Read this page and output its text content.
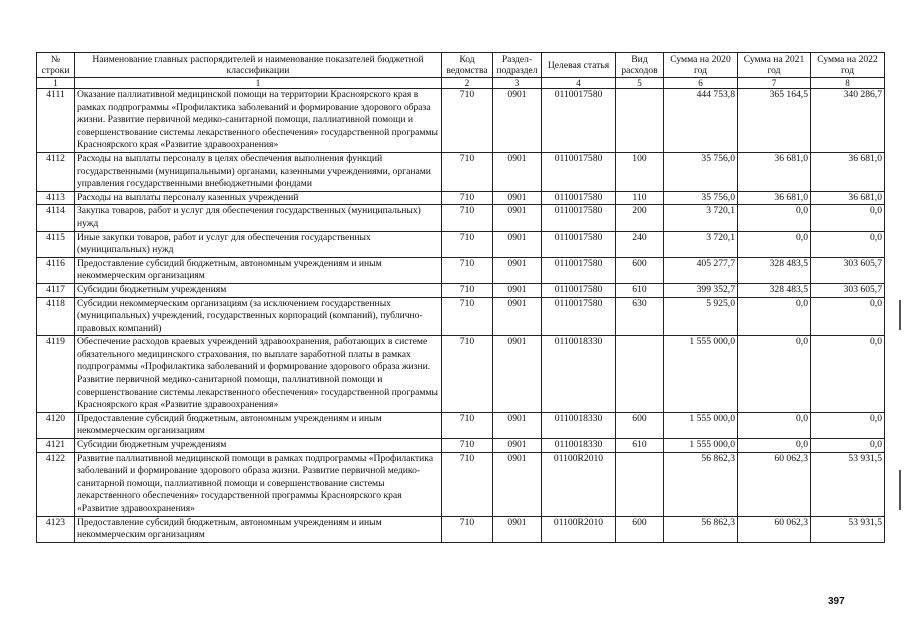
№ строки	Наименование главных распорядителей и наименование показателей бюджетной классификации	Код ведомства	Раздел- подраздел	Целевая статья	Вид расходов	Сумма на 2020 год	Сумма на 2021 год	Сумма на 2022 год
1	1	2	3	4	5	6	7	8
4111	Оказание паллиативной медицинской помощи на территории Красноярского края в рамках подпрограммы «Профилактика заболеваний и формирование здорового образа жизни. Развитие первичной медико-санитарной помощи, паллиативной помощи и совершенствование системы лекарственного обеспечения» государственной программы Красноярского края «Развитие здравоохранения»	710	0901	0110017580		444 753,8	365 164,5	340 286,7
4112	Расходы на выплаты персоналу в целях обеспечения выполнения функций государственными (муниципальными) органами, казенными учреждениями, органами управления государственными внебюджетными фондами	710	0901	0110017580	100	35 756,0	36 681,0	36 681,0
4113	Расходы на выплаты персоналу казенных учреждений	710	0901	0110017580	110	35 756,0	36 681,0	36 681,0
4114	Закупка товаров, работ и услуг для обеспечения государственных (муниципальных) нужд	710	0901	0110017580	200	3 720,1	0,0	0,0
4115	Иные закупки товаров, работ и услуг для обеспечения государственных (муниципальных) нужд	710	0901	0110017580	240	3 720,1	0,0	0,0
4116	Предоставление субсидий бюджетным, автономным учреждениям и иным некоммерческим организациям	710	0901	0110017580	600	405 277,7	328 483,5	303 605,7
4117	Субсидии бюджетным учреждениям	710	0901	0110017580	610	399 352,7	328 483,5	303 605,7
4118	Субсидии некоммерческим организациям (за исключением государственных (муниципальных) учреждений, государственных корпораций (компаний), публично-правовых компаний)	710	0901	0110017580	630	5 925,0	0,0	0,0
4119	Обеспечение расходов краевых учреждений здравоохранения, работающих в системе обязательного медицинского страхования, по выплате заработной платы в рамках подпрограммы «Профилактика заболеваний и формирование здорового образа жизни. Развитие первичной медико-санитарной помощи, паллиативной помощи и совершенствование системы лекарственного обеспечения» государственной программы Красноярского края «Развитие здравоохранения»	710	0901	0110018330		1 555 000,0	0,0	0,0
4120	Предоставление субсидий бюджетным, автономным учреждениям и иным некоммерческим организациям	710	0901	0110018330	600	1 555 000,0	0,0	0,0
4121	Субсидии бюджетным учреждениям	710	0901	0110018330	610	1 555 000,0	0,0	0,0
4122	Развитие паллиативной медицинской помощи в рамках подпрограммы «Профилактика заболеваний и формирование здорового образа жизни. Развитие первичной медико-санитарной помощи, паллиативной помощи и совершенствование системы лекарственного обеспечения» государственной программы Красноярского края «Развитие здравоохранения»	710	0901	01100R2010		56 862,3	60 062,3	53 931,5
4123	Предоставление субсидий бюджетным, автономным учреждениям и иным некоммерческим организациям	710	0901	01100R2010	600	56 862,3	60 062,3	53 931,5
397
